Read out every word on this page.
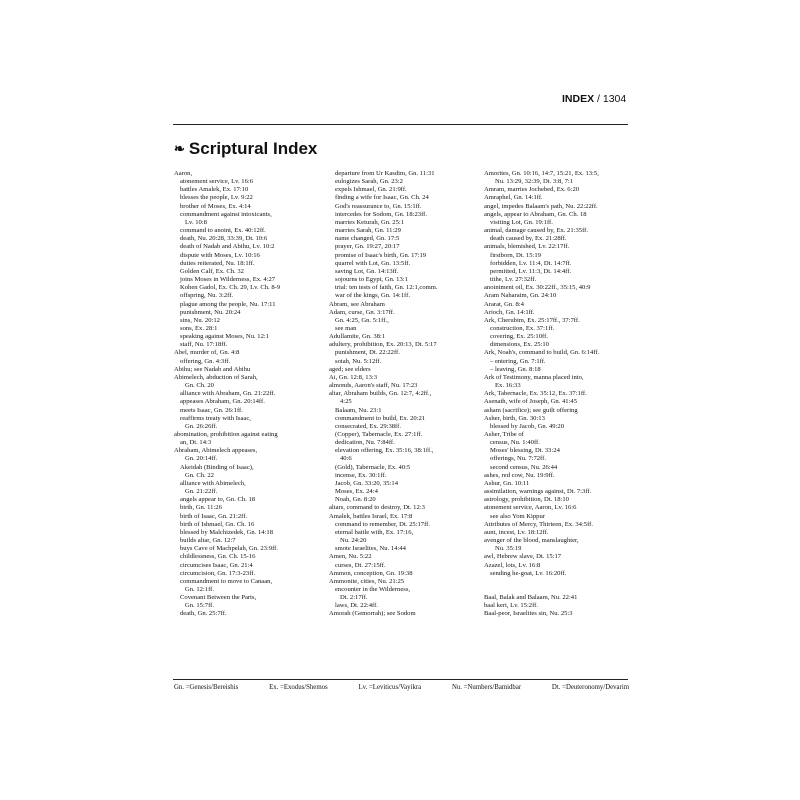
INDEX / 1304
❧ Scriptural Index
Aaron,
atonement service, Lv. 16:6
battles Amalek, Ex. 17:10
blesses the people, Lv. 9:22
brother of Moses, Ex. 4:14
commandment against intoxicants,
Lv. 10:8
command to anoint, Ex. 40:12ff.
death, Nu. 20:28, 33:39, Dt. 10:6
death of Nadab and Abihu, Lv. 10:2
dispute with Moses, Lv. 10:16
duties reiterated, Nu. 18:1ff.
Golden Calf, Ex. Ch. 32
joins Moses in Wilderness, Ex. 4:27
Kohen Gadol, Ex. Ch. 29, Lv. Ch. 8-9
offspring, Nu. 3:2ff.
plague among the people, Nu. 17:11
punishment, Nu. 20:24
sins, Nu. 20:12
sons, Ex. 28:1
speaking against Moses, Nu. 12:1
staff, Nu. 17:18ff.
Abel, murder of, Gn. 4:8
offering, Gn. 4:3ff.
Abihu; see Nadab and Abihu
Abimelech, abduction of Sarah,
Gn. Ch. 20
alliance with Abraham, Gn. 21:22ff.
appeases Abraham, Gn. 20:14ff.
meets Isaac, Gn. 26:1ff.
reaffirms treaty with Isaac,
Gn. 26:26ff.
abomination, prohibition against eating
an, Dt. 14:3
Abraham, Abimelech appeases,
Gn. 20:14ff.
Akeidah (Binding of Isaac),
Gn. Ch. 22
alliance with Abimelech,
Gn. 21:22ff.
angels appear to, Gn. Ch. 18
birth, Gn. 11:26
birth of Isaac, Gn. 21:2ff.
birth of Ishmael, Gn. Ch. 16
blessed by Malchizedek, Gn. 14:18
builds altar, Gn. 12:7
buys Cave of Machpelah, Gn. 23:9ff.
childlessness, Gn. Ch. 15-16
circumcises Isaac, Gn. 21:4
circumcision, Gn. 17:3-23ff.
commandment to move to Canaan,
Gn. 12:1ff.
Covenant Between the Parts,
Gn. 15:7ff.
death, Gn. 25:7ff.
departure from Ur Kasdim, Gn. 11:31
eulogizes Sarah, Gn. 23:2
expels Ishmael, Gn. 21:9ff.
finding a wife for Isaac, Gn. Ch. 24
God's reassurance to, Gn. 15:1ff.
intercedes for Sodom, Gn. 18:23ff.
marries Keturah, Gn. 25:1
marries Sarah, Gn. 11:29
name changed, Gn. 17:5
prayer, Gn. 19:27, 20:17
promise of Isaac's birth, Gn. 17:19
quarrel with Lot, Gn. 13:5ff.
saving Lot, Gn. 14:13ff.
sojourns to Egypt, Gn. 13:1
trial: ten tests of faith, Gn. 12:1,comm.
war of the kings, Gn. 14:1ff.
Abram, see Abraham
Adam, curse, Gn. 3:17ff.
Gn. 4:25, Gn. 5:1ff.,
see man
Adullamite, Gn. 38:1
adultery, prohibition, Ex. 20:13, Dt. 5:17
punishment, Dt. 22:22ff.
sotah, Nu. 5:12ff.
aged; see elders
Ai, Gn. 12:8, 13:3
almonds, Aaron's staff, Nu. 17:23
altar, Abraham builds, Gn. 12:7, 4:2ff.,
4:25
Balaam, Nu. 23:1
commandment to build, Ex. 20:21
consecrated, Ex. 29:38ff.
(Copper), Tabernacle, Ex. 27:1ff.
dedication, Nu. 7:84ff.
elevation offering, Ex. 35:16, 38:1ff.,
40:6
(Gold), Tabernacle, Ex. 40:5
incense, Ex. 30:1ff.
Jacob, Gn. 33:20, 35:14
Moses, Ex. 24:4
Noah, Gn. 8:20
altars, command to destroy, Dt. 12:3
Amalek, battles Israel, Ex. 17:8
command to remember, Dt. 25:17ff.
eternal battle with, Ex. 17:16,
Nu. 24:20
smote Israelites, Nu. 14:44
Amen, Nu. 5:22
curses, Dt. 27:15ff.
Ammon, conception, Gn. 19:38
Ammonite, cities, Nu. 21:25
encounter in the Wilderness,
Dt. 2:17ff.
laws, Dt. 22:4ff.
Amorah (Gemorrah); see Sodom
Amorites, Gn. 10:16, 14:7, 15:21, Ex. 13:5,
Nu. 13:29, 32:39, Dt. 3:8, 7:1
Amram, marries Jochebed, Ex. 6:20
Amraphel, Gn. 14:1ff.
angel, impedes Balaam's path, Nu. 22:22ff.
angels, appear to Abraham, Gn. Ch. 18
visiting Lot, Gn. 19:1ff.
animal, damage caused by, Ex. 21:35ff.
death caused by, Ex. 21:28ff.
animals, blemished, Lv. 22:17ff.
firstborn, Dt. 15:19
forbidden, Lv. 11:4, Dt. 14:7ff.
permitted, Lv. 11:3, Dt. 14:4ff.
tithe, Lv. 27:32ff.
anointment oil, Ex. 30:22ff., 35:15, 40:9
Aram Naharaim, Gn. 24:10
Ararat, Gn. 8:4
Arioch, Gn. 14:1ff.
Ark, Cherubim, Ex. 25:17ff., 37:7ff.
construction, Ex. 37:1ff.
covering, Ex. 25:10ff.
dimensions, Ex. 25:10
Ark, Noah's, command to build, Gn. 6:14ff.
– entering, Gn. 7:1ff.
– leaving, Gn. 8:18
Ark of Testimony, manna placed into,
Ex. 16:33
Ark, Tabernacle, Ex. 35:12, Ex. 37:1ff.
Asenath, wife of Joseph, Gn. 41:45
asham (sacrifice); see guilt offering
Asher, birth, Gn. 30:13
blessed by Jacob, Gn. 49:20
Asher, Tribe of
census, Nu. 1:40ff.
Moses' blessing, Dt. 33:24
offerings, Nu. 7:72ff.
second census, Nu. 26:44
ashes, red cow, Nu. 19:9ff.
Ashur, Gn. 10:11
assimilation, warnings against, Dt. 7:3ff.
astrology, prohibition, Dt. 18:10
atonement service, Aaron, Lv. 16:6
see also Yom Kippur
Attributes of Mercy, Thirteen, Ex. 34:5ff.
aunt, incest, Lv. 18:12ff.
avenger of the blood, manslaughter,
Nu. 35:19
awl, Hebrew slave, Dt. 15:17
Azazel, lots, Lv. 16:8
sending he-goat, Lv. 16:20ff.
Baal, Balak and Balaam, Nu. 22:41
baal keri, Lv. 15:2ff.
Baal-peor, Israelites sin, Nu. 25:3
Gn. =Genesis/Bereishis	Ex. =Exodus/Shemos	Lv. =Leviticus/Vayikra	Nu. =Numbers/Bamidbar	Dt. =Deuteronomy/Devarim
